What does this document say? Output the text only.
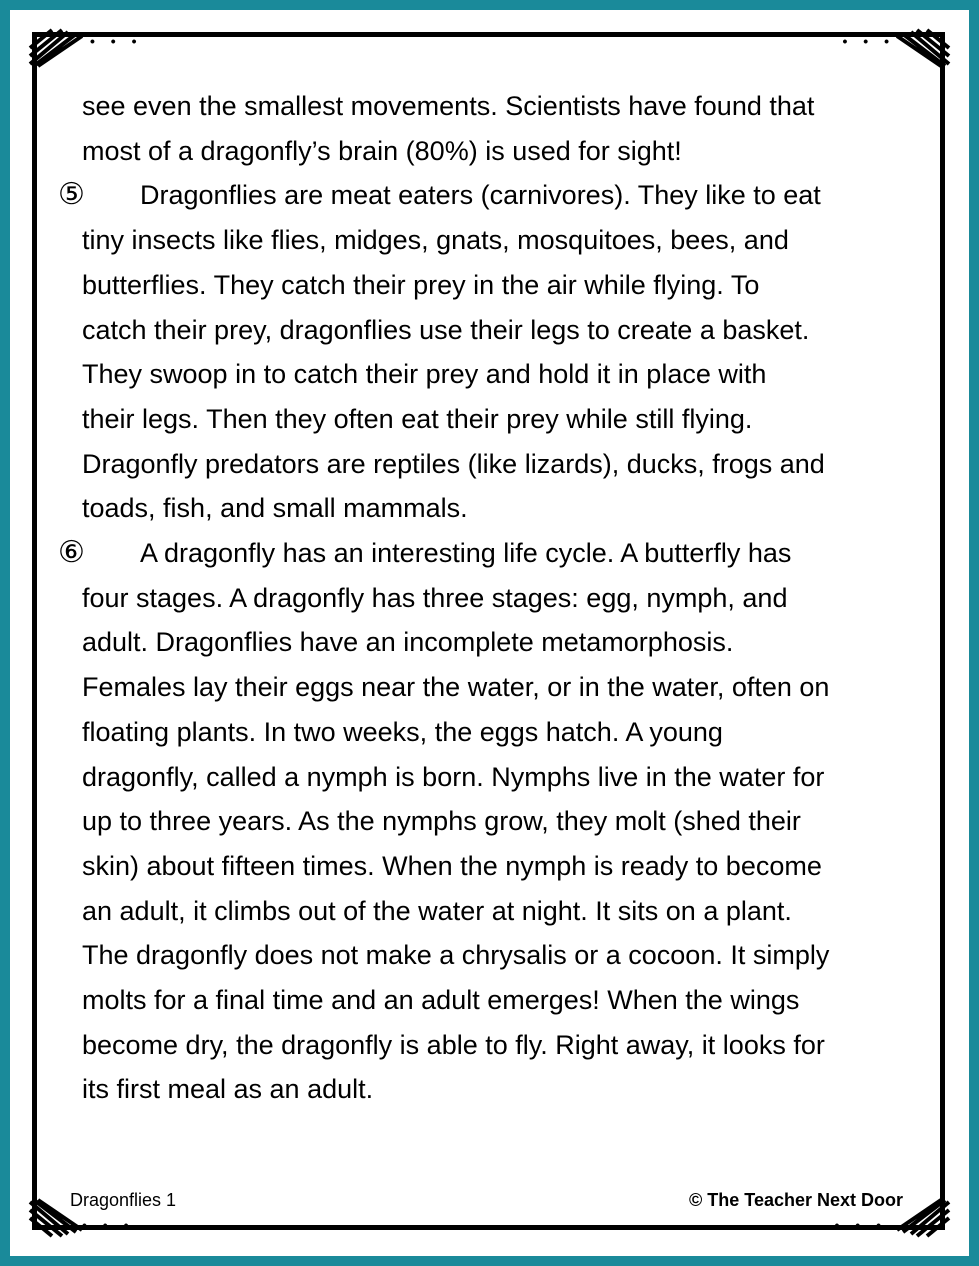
• • •	• • •
• • •	• • •
see even the smallest movements. Scientists have found that
most of a dragonfly’s brain (80%) is used for sight!
⑤ Dragonflies are meat eaters (carnivores). They like to eat
tiny insects like flies, midges, gnats, mosquitoes, bees, and
butterflies. They catch their prey in the air while flying. To
catch their prey, dragonflies use their legs to create a basket.
They swoop in to catch their prey and hold it in place with
their legs. Then they often eat their prey while still flying.
Dragonfly predators are reptiles (like lizards), ducks, frogs and
toads, fish, and small mammals.
⑥ A dragonfly has an interesting life cycle. A butterfly has
four stages. A dragonfly has three stages: egg, nymph, and
adult. Dragonflies have an incomplete metamorphosis.
Females lay their eggs near the water, or in the water, often on
floating plants. In two weeks, the eggs hatch. A young
dragonfly, called a nymph is born. Nymphs live in the water for
up to three years. As the nymphs grow, they molt (shed their
skin) about fifteen times. When the nymph is ready to become
an adult, it climbs out of the water at night. It sits on a plant.
The dragonfly does not make a chrysalis or a cocoon. It simply
molts for a final time and an adult emerges! When the wings
become dry, the dragonfly is able to fly. Right away, it looks for
its first meal as an adult.
Dragonflies 1	© The Teacher Next Door
